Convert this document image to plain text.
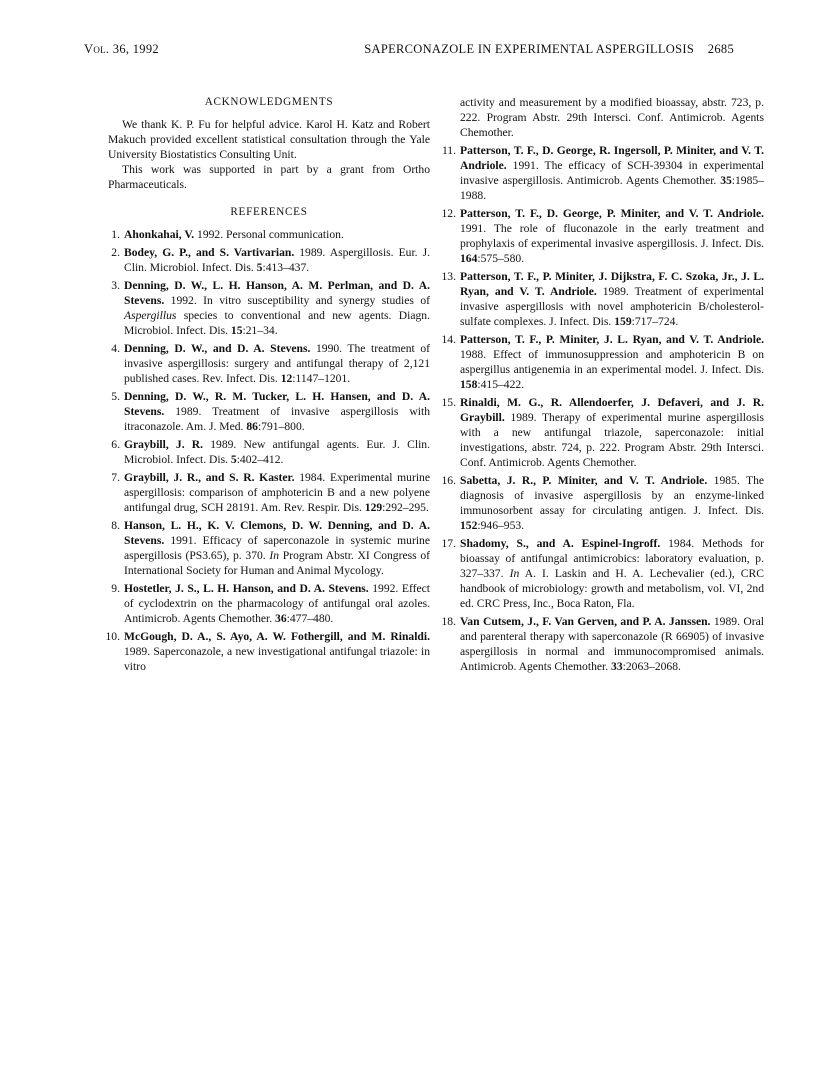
Vol. 36, 1992	SAPERCONAZOLE IN EXPERIMENTAL ASPERGILLOSIS 2685
ACKNOWLEDGMENTS

We thank K. P. Fu for helpful advice. Karol H. Katz and Robert Makuch provided excellent statistical consultation through the Yale University Biostatistics Consulting Unit.

This work was supported in part by a grant from Ortho Pharmaceuticals.

REFERENCES
1. Ahonkahai, V. 1992. Personal communication.
2. Bodey, G. P., and S. Vartivarian. 1989. Aspergillosis. Eur. J. Clin. Microbiol. Infect. Dis. 5:413–437.
3. Denning, D. W., L. H. Hanson, A. M. Perlman, and D. A. Stevens. 1992. In vitro susceptibility and synergy studies of Aspergillus species to conventional and new agents. Diagn. Microbiol. Infect. Dis. 15:21–34.
4. Denning, D. W., and D. A. Stevens. 1990. The treatment of invasive aspergillosis: surgery and antifungal therapy of 2,121 published cases. Rev. Infect. Dis. 12:1147–1201.
5. Denning, D. W., R. M. Tucker, L. H. Hansen, and D. A. Stevens. 1989. Treatment of invasive aspergillosis with itraconazole. Am. J. Med. 86:791–800.
6. Graybill, J. R. 1989. New antifungal agents. Eur. J. Clin. Microbiol. Infect. Dis. 5:402–412.
7. Graybill, J. R., and S. R. Kaster. 1984. Experimental murine aspergillosis: comparison of amphotericin B and a new polyene antifungal drug, SCH 28191. Am. Rev. Respir. Dis. 129:292–295.
8. Hanson, L. H., K. V. Clemons, D. W. Denning, and D. A. Stevens. 1991. Efficacy of saperconazole in systemic murine aspergillosis (PS3.65), p. 370. In Program Abstr. XI Congress of International Society for Human and Animal Mycology.
9. Hostetler, J. S., L. H. Hanson, and D. A. Stevens. 1992. Effect of cyclodextrin on the pharmacology of antifungal oral azoles. Antimicrob. Agents Chemother. 36:477–480.
10. McGough, D. A., S. Ayo, A. W. Fothergill, and M. Rinaldi. 1989. Saperconazole, a new investigational antifungal triazole: in vitro
activity and measurement by a modified bioassay, abstr. 723, p. 222. Program Abstr. 29th Intersci. Conf. Antimicrob. Agents Chemother.
11. Patterson, T. F., D. George, R. Ingersoll, P. Miniter, and V. T. Andriole. 1991. The efficacy of SCH-39304 in experimental invasive aspergillosis. Antimicrob. Agents Chemother. 35:1985–1988.
12. Patterson, T. F., D. George, P. Miniter, and V. T. Andriole. 1991. The role of fluconazole in the early treatment and prophylaxis of experimental invasive aspergillosis. J. Infect. Dis. 164:575–580.
13. Patterson, T. F., P. Miniter, J. Dijkstra, F. C. Szoka, Jr., J. L. Ryan, and V. T. Andriole. 1989. Treatment of experimental invasive aspergillosis with novel amphotericin B/cholesterol-sulfate complexes. J. Infect. Dis. 159:717–724.
14. Patterson, T. F., P. Miniter, J. L. Ryan, and V. T. Andriole. 1988. Effect of immunosuppression and amphotericin B on aspergillus antigenemia in an experimental model. J. Infect. Dis. 158:415–422.
15. Rinaldi, M. G., R. Allendoerfer, J. Defaveri, and J. R. Graybill. 1989. Therapy of experimental murine aspergillosis with a new antifungal triazole, saperconazole: initial investigations, abstr. 724, p. 222. Program Abstr. 29th Intersci. Conf. Antimicrob. Agents Chemother.
16. Sabetta, J. R., P. Miniter, and V. T. Andriole. 1985. The diagnosis of invasive aspergillosis by an enzyme-linked immunosorbent assay for circulating antigen. J. Infect. Dis. 152:946–953.
17. Shadomy, S., and A. Espinel-Ingroff. 1984. Methods for bioassay of antifungal antimicrobics: laboratory evaluation, p. 327–337. In A. I. Laskin and H. A. Lechevalier (ed.), CRC handbook of microbiology: growth and metabolism, vol. VI, 2nd ed. CRC Press, Inc., Boca Raton, Fla.
18. Van Cutsem, J., F. Van Gerven, and P. A. Janssen. 1989. Oral and parenteral therapy with saperconazole (R 66905) of invasive aspergillosis in normal and immunocompromised animals. Antimicrob. Agents Chemother. 33:2063–2068.
